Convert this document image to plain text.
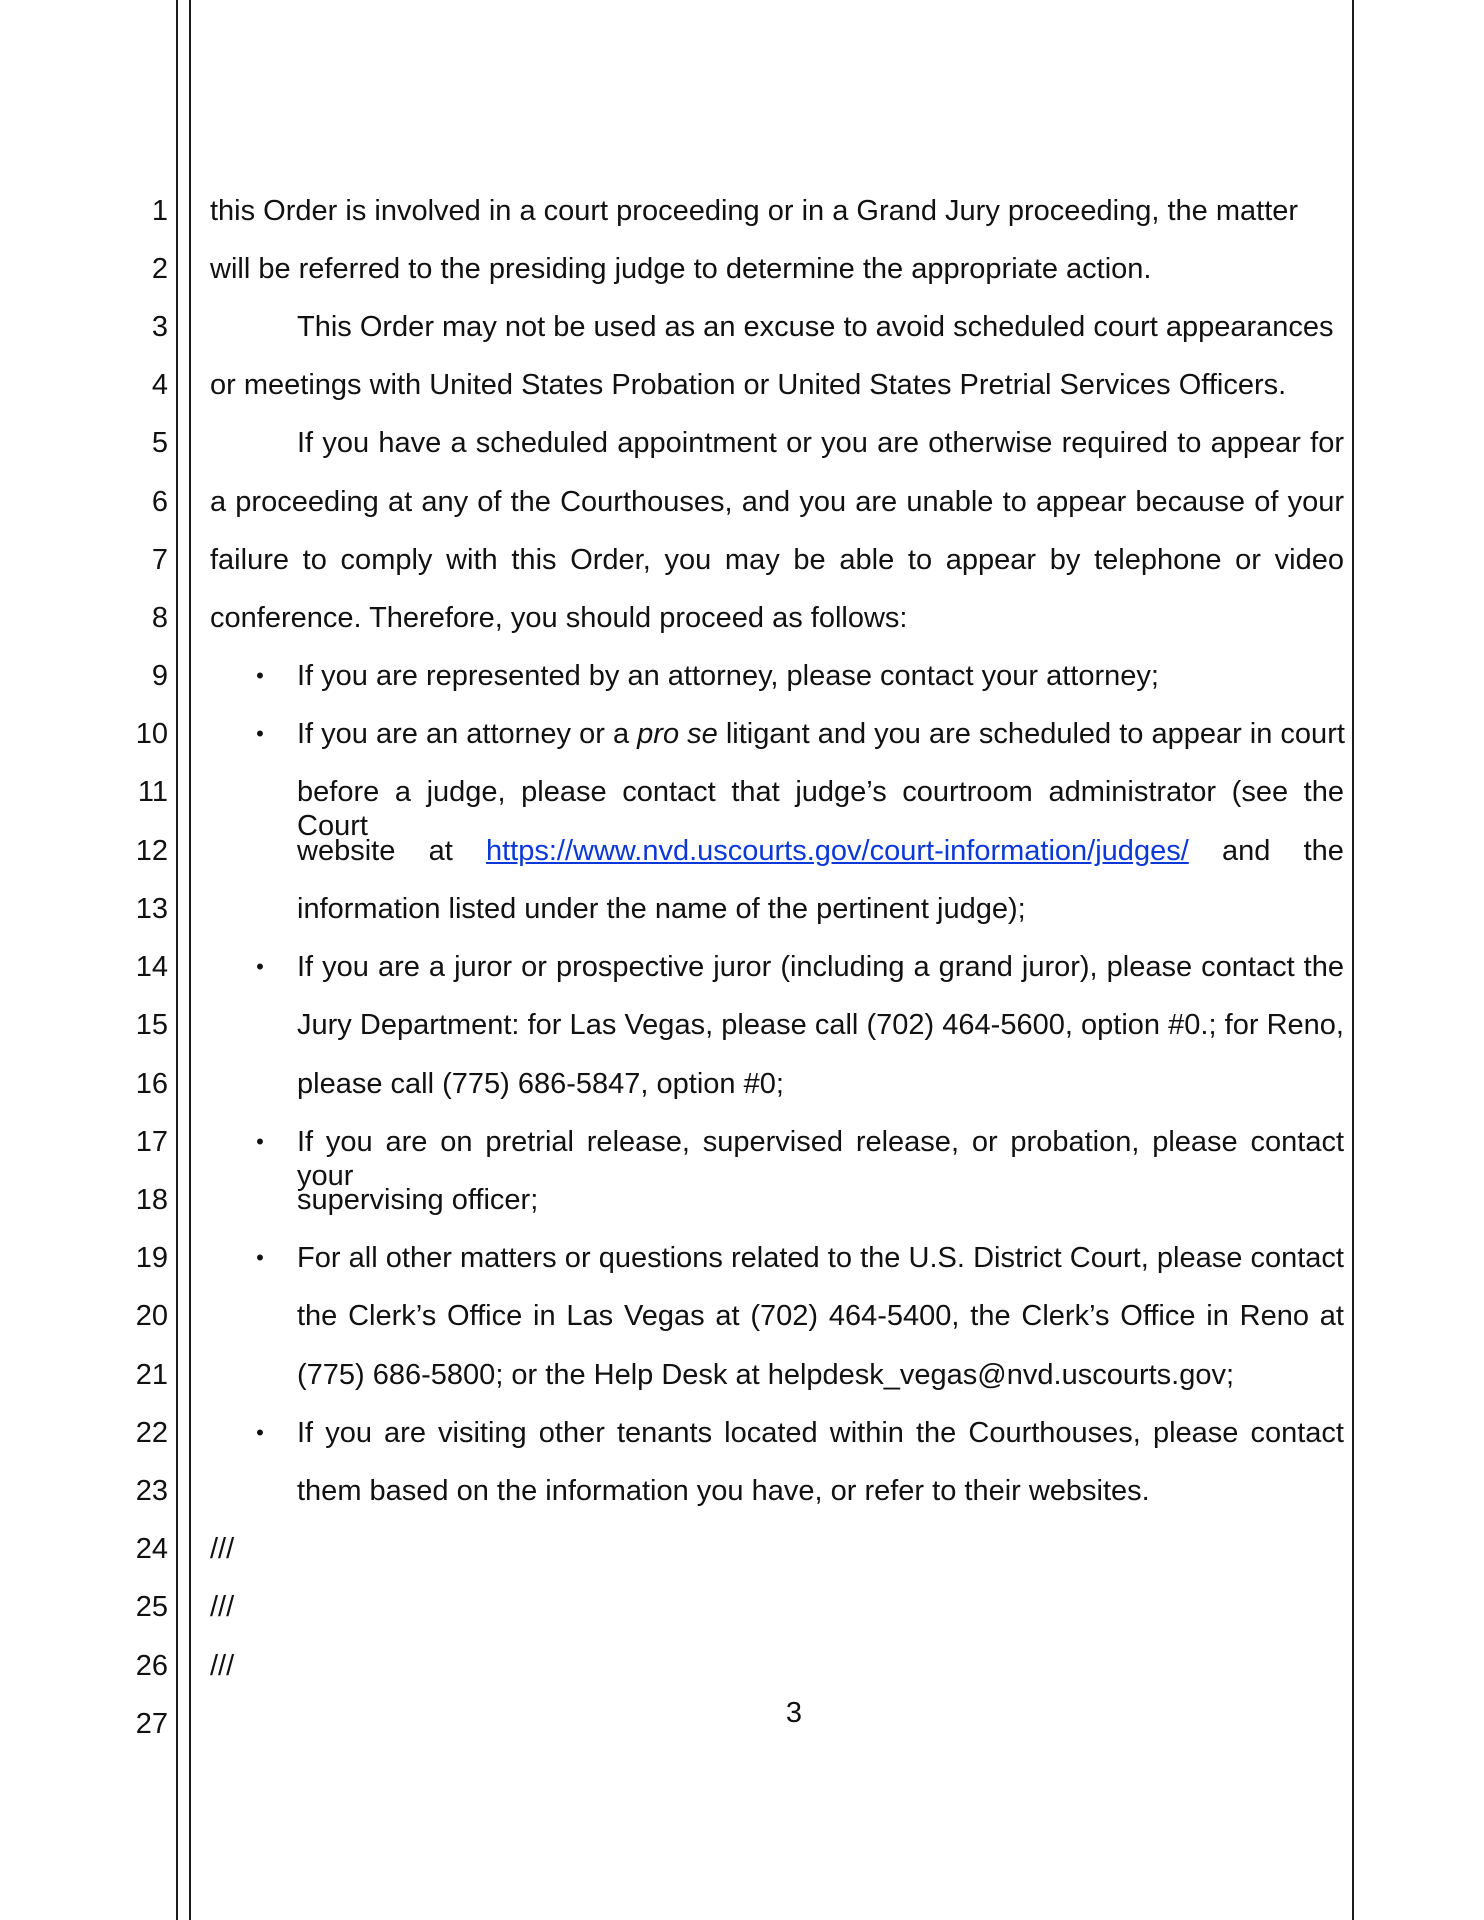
1
2
3
4
5
6
7
8
9
10
11
12
13
14
15
16
17
18
19
20
21
22
23
24
25
26
27
this Order is involved in a court proceeding or in a Grand Jury proceeding, the matter
will be referred to the presiding judge to determine the appropriate action.
This Order may not be used as an excuse to avoid scheduled court appearances
or meetings with United States Probation or United States Pretrial Services Officers.
If you have a scheduled appointment or you are otherwise required to appear for
a proceeding at any of the Courthouses, and you are unable to appear because of your
failure to comply with this Order, you may be able to appear by telephone or video
conference. Therefore, you should proceed as follows:
• If you are represented by an attorney, please contact your attorney;
• If you are an attorney or a pro se litigant and you are scheduled to appear in court
before a judge, please contact that judge’s courtroom administrator (see the Court
website at https://www.nvd.uscourts.gov/court-information/judges/ and the
information listed under the name of the pertinent judge);
• If you are a juror or prospective juror (including a grand juror), please contact the
Jury Department: for Las Vegas, please call (702) 464-5600, option #0.; for Reno,
please call (775) 686-5847, option #0;
• If you are on pretrial release, supervised release, or probation, please contact your
supervising officer;
• For all other matters or questions related to the U.S. District Court, please contact
the Clerk’s Office in Las Vegas at (702) 464-5400, the Clerk’s Office in Reno at
(775) 686-5800; or the Help Desk at helpdesk_vegas@nvd.uscourts.gov;
• If you are visiting other tenants located within the Courthouses, please contact
them based on the information you have, or refer to their websites.
///
///
///
3
